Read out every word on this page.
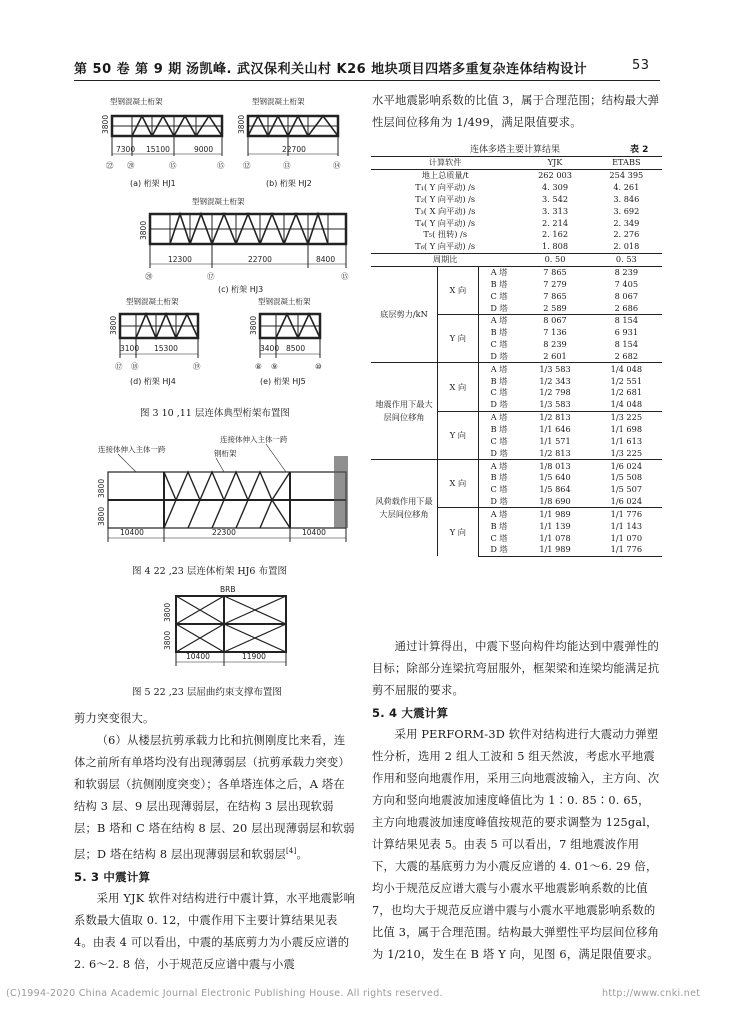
第 50 卷 第 9 期 汤凯峰. 武汉保利关山村 K26 地块项目四塔多重复杂连体结构设计	53
型钢混凝土桁架	型钢混凝土桁架
型钢混凝土桁架
型钢混凝土桁架	型钢混凝土桁架
3800	3800
3800
3800	3800
7300 15100	9000	22700
12300	22700	8400
3100 15300	3400 8500
㉒ ⑳	⑮	⑮ ⑫	⑬	⑭
⑳	⑰	⑮
⑰ ⑱	⑲	⑧ ⑨	⑩
(a) 桁架 HJ1	(b) 桁架 HJ2
(c) 桁架 HJ3
(d) 桁架 HJ4	(e) 桁架 HJ5
图 3 10 ,11 层连体典型桁架布置图
连接体伸入主体一跨
连接体伸入主体一跨
钢桁架
3800
3800
10400	22300	10400
图 4 22 ,23 层连体桁架 HJ6 布置图
BRB
3800
3800
10400	11900
图 5 22 ,23 层屈曲约束支撑布置图
剪力突变很大。
（6）从楼层抗剪承载力比和抗侧刚度比来看，连体之前所有单塔均没有出现薄弱层（抗剪承载力突变）和软弱层（抗侧刚度突变）；各单塔连体之后，A 塔在结构 3 层、9 层出现薄弱层，在结构 3 层出现软弱层；B 塔和 C 塔在结构 8 层、20 层出现薄弱层和软弱层；D 塔在结构 8 层出现薄弱层和软弱层[4]。
5. 3 中震计算
采用 YJK 软件对结构进行中震计算，水平地震影响系数最大值取 0. 12，中震作用下主要计算结果见表 4。由表 4 可以看出，中震的基底剪力为小震反应谱的 2. 6～2. 8 倍，小于规范反应谱中震与小震
水平地震影响系数的比值 3，属于合理范围；结构最大弹性层间位移角为 1/499，满足限值要求。
连体多塔主要计算结果	表 2
计算软件			YJK	ETABS
地上总质量/t			262 003	254 395
T₁( Y 向平动) /s			4. 309	4. 261
T₂( Y 向平动) /s			3. 542	3. 846
T₃( X 向平动) /s			3. 313	3. 692
T₄( Y 向平动) /s			2. 214	2. 349
T₅( 扭转) /s			2. 162	2. 276
T₆( Y 向平动) /s			1. 808	2. 018
周期比			0. 50	0. 53
底层剪力/kN	X 向	A 塔	7 865	8 239
		B 塔	7 279	7 405
		C 塔	7 865	8 067
		D 塔	2 589	2 686
	Y 向	A 塔	8 067	8 154
		B 塔	7 136	6 931
		C 塔	8 239	8 154
		D 塔	2 601	2 682
地震作用下最大层间位移角	X 向	A 塔	1/3 583	1/4 048
		B 塔	1/2 343	1/2 551
		C 塔	1/2 798	1/2 681
		D 塔	1/3 583	1/4 048
	Y 向	A 塔	1/2 813	1/3 225
		B 塔	1/1 646	1/1 698
		C 塔	1/1 571	1/1 613
		D 塔	1/2 813	1/3 225
风荷载作用下最大层间位移角	X 向	A 塔	1/8 013	1/6 024
		B 塔	1/5 640	1/5 508
		C 塔	1/5 864	1/5 507
		D 塔	1/8 690	1/6 024
	Y 向	A 塔	1/1 989	1/1 776
		B 塔	1/1 139	1/1 143
		C 塔	1/1 078	1/1 070
		D 塔	1/1 989	1/1 776
通过计算得出，中震下竖向构件均能达到中震弹性的目标；除部分连梁抗弯屈服外，框架梁和连梁均能满足抗剪不屈服的要求。
5. 4 大震计算
采用 PERFORM-3D 软件对结构进行大震动力弹塑性分析，选用 2 组人工波和 5 组天然波，考虑水平地震作用和竖向地震作用，采用三向地震波输入，主方向、次方向和竖向地震波加速度峰值比为 1∶0. 85∶0. 65，主方向地震波加速度峰值按规范的要求调整为 125gal，计算结果见表 5。由表 5 可以看出，7 组地震波作用下，大震的基底剪力为小震反应谱的 4. 01～6. 29 倍，均小于规范反应谱大震与小震水平地震影响系数的比值 7，也均大于规范反应谱中震与小震水平地震影响系数的比值 3，属于合理范围。结构最大弹塑性平均层间位移角为 1/210，发生在 B 塔 Y 向，见图 6，满足限值要求。
(C)1994-2020 China Academic Journal Electronic Publishing House. All rights reserved.	http://www.cnki.net
